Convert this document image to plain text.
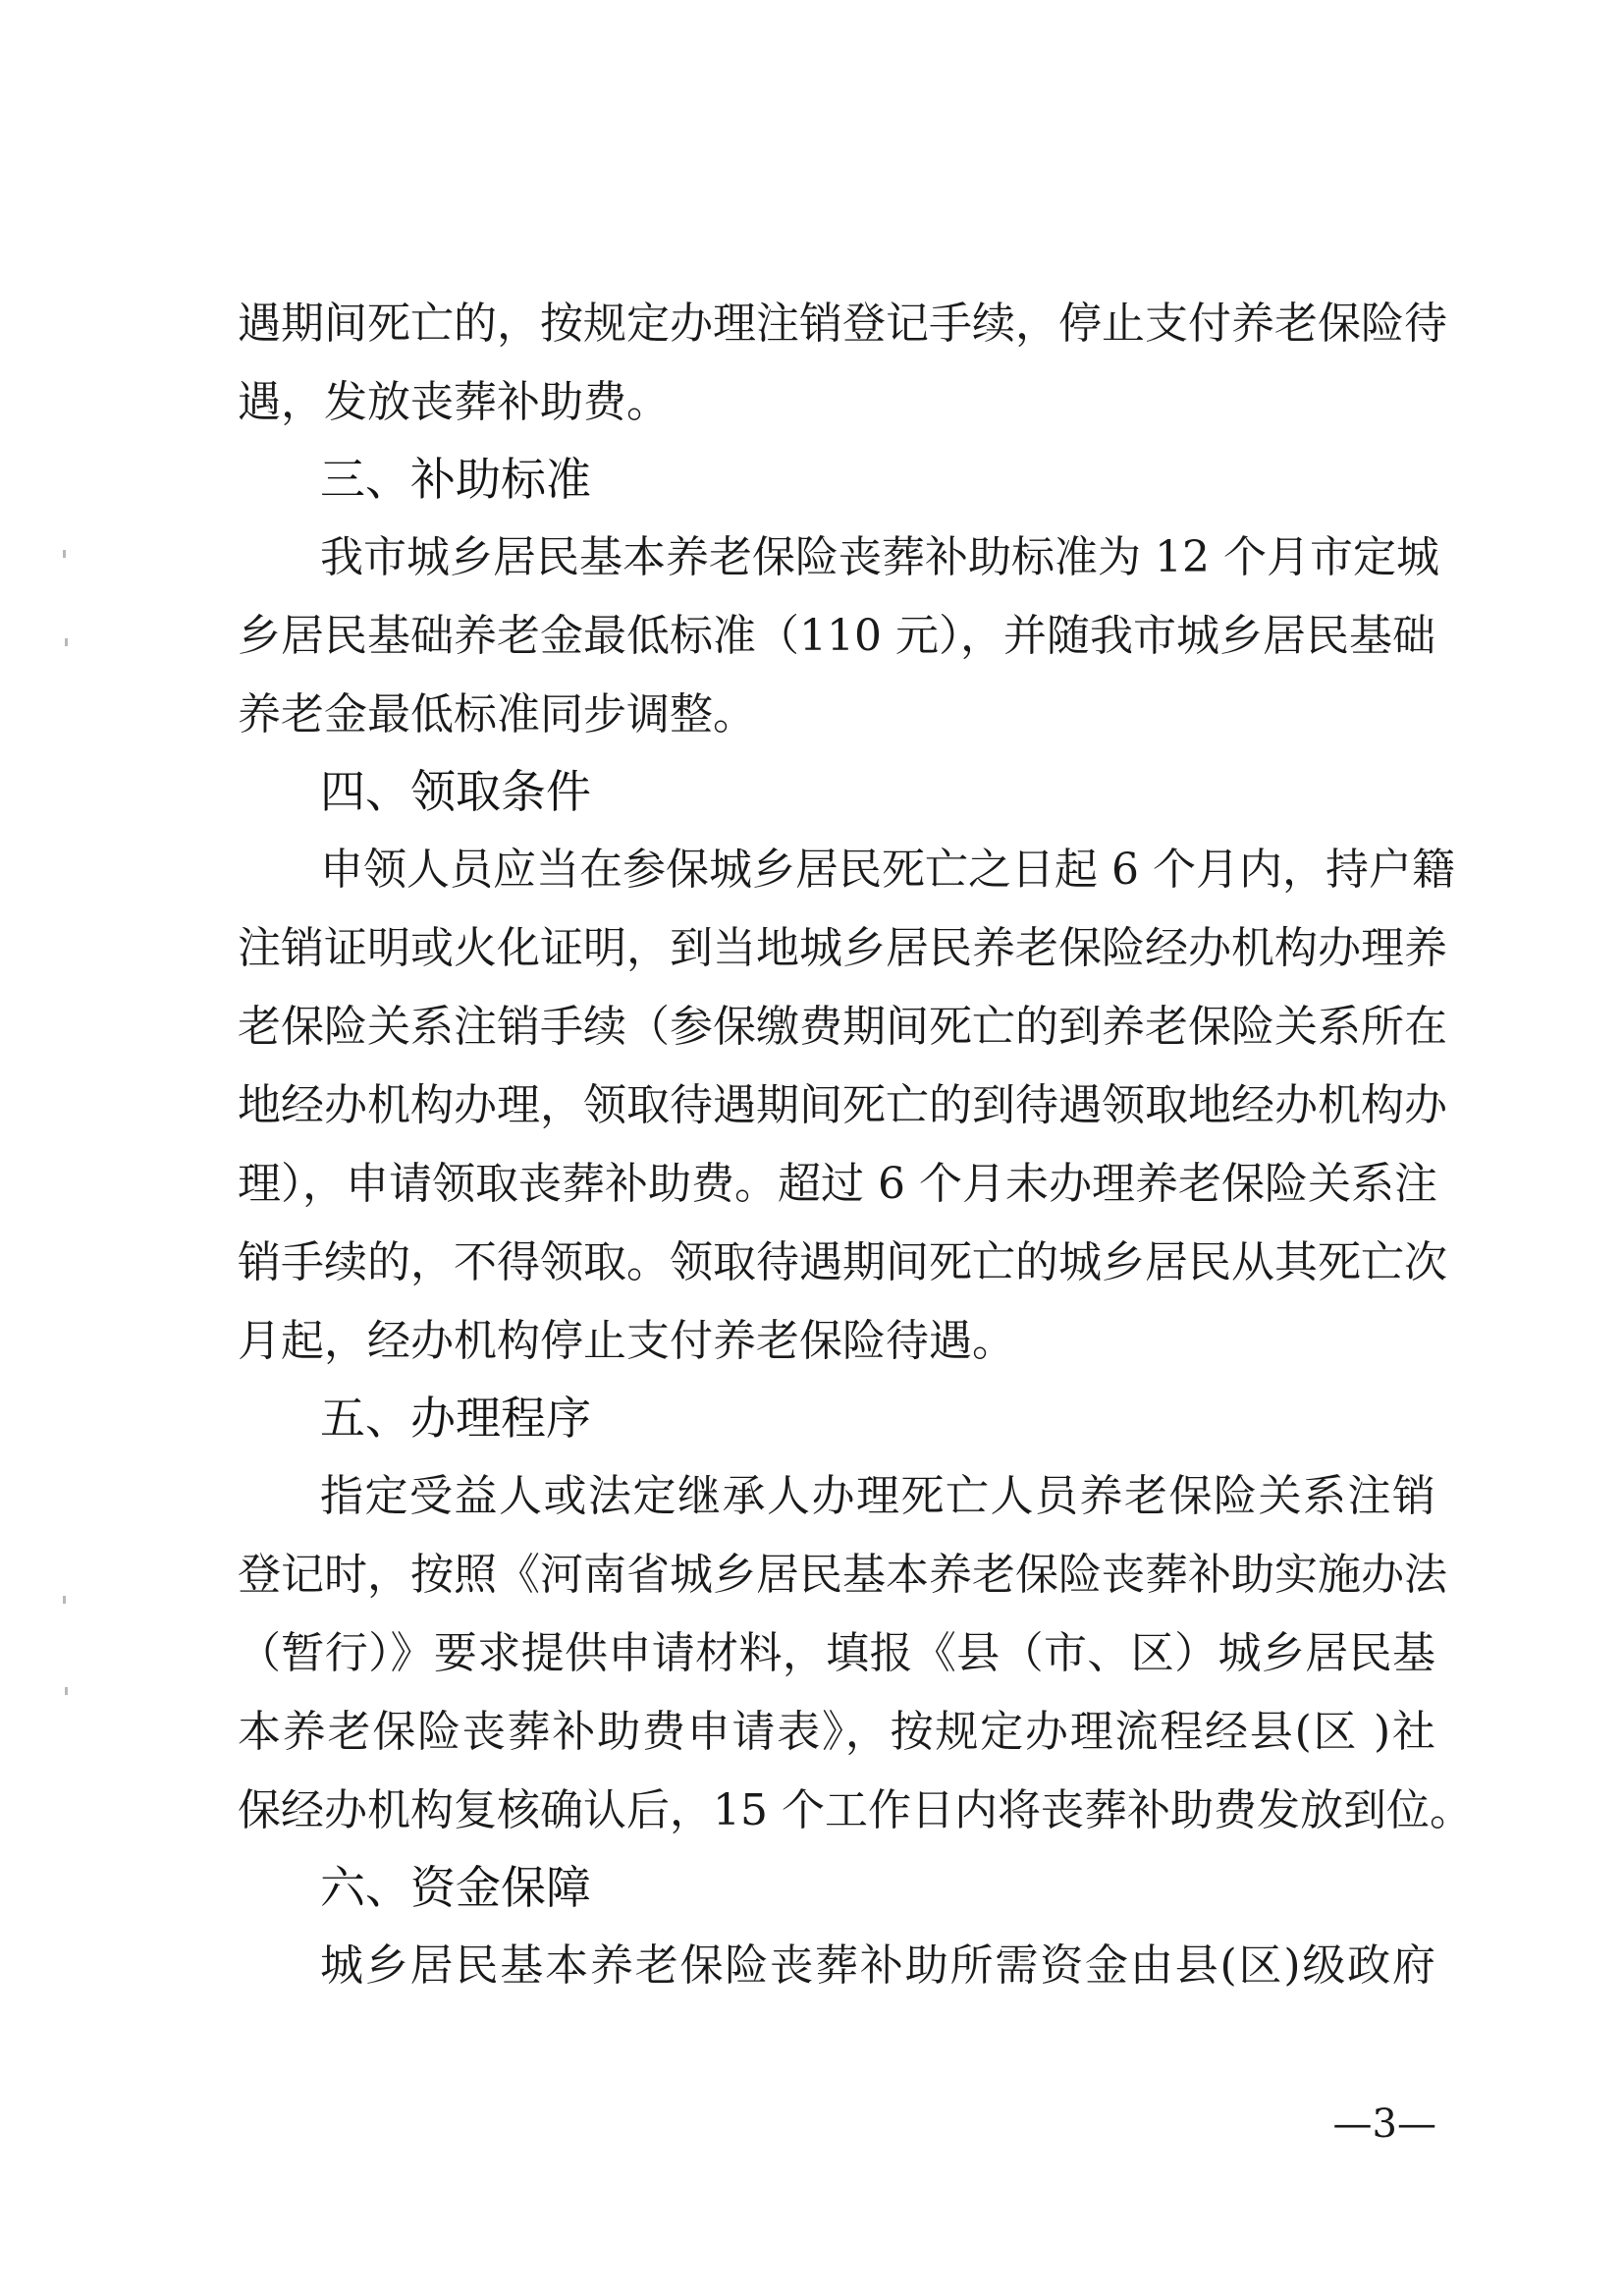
遇期间死亡的，按规定办理注销登记手续，停止支付养老保险待
遇，发放丧葬补助费。
三、补助标准
我市城乡居民基本养老保险丧葬补助标准为 12 个月市定城
乡居民基础养老金最低标准（110 元），并随我市城乡居民基础
养老金最低标准同步调整。
四、领取条件
申领人员应当在参保城乡居民死亡之日起 6 个月内，持户籍
注销证明或火化证明，到当地城乡居民养老保险经办机构办理养
老保险关系注销手续（参保缴费期间死亡的到养老保险关系所在
地经办机构办理，领取待遇期间死亡的到待遇领取地经办机构办
理），申请领取丧葬补助费。超过 6 个月未办理养老保险关系注
销手续的，不得领取。领取待遇期间死亡的城乡居民从其死亡次
月起，经办机构停止支付养老保险待遇。
五、办理程序
指定受益人或法定继承人办理死亡人员养老保险关系注销
登记时，按照《河南省城乡居民基本养老保险丧葬补助实施办法
（暂行）》要求提供申请材料，填报《县（市、区）城乡居民基
本养老保险丧葬补助费申请表》，按规定办理流程经县(区 )社
保经办机构复核确认后，15 个工作日内将丧葬补助费发放到位。
六、资金保障
城乡居民基本养老保险丧葬补助所需资金由县(区)级政府
—3—
